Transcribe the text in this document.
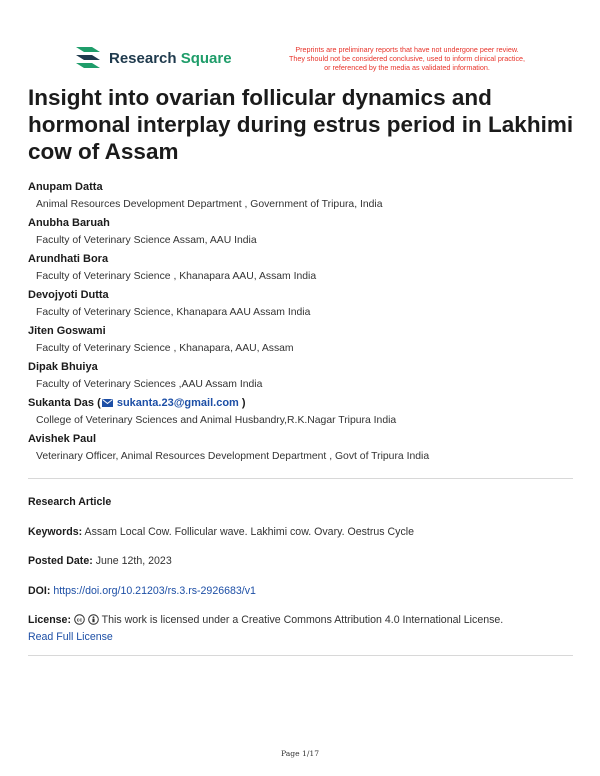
Research Square	Preprints are preliminary reports that have not undergone peer review.
They should not be considered conclusive, used to inform clinical practice,
or referenced by the media as validated information.
Insight into ovarian follicular dynamics and hormonal interplay during estrus period in Lakhimi cow of Assam
Anupam Datta
Animal Resources Development Department , Government of Tripura, India
Anubha Baruah
Faculty of Veterinary Science Assam, AAU India
Arundhati Bora
Faculty of Veterinary Science , Khanapara AAU, Assam India
Devojyoti Dutta
Faculty of Veterinary Science, Khanapara AAU Assam India
Jiten Goswami
Faculty of Veterinary Science , Khanapara, AAU, Assam
Dipak Bhuiya
Faculty of Veterinary Sciences ,AAU Assam India
Sukanta Das ( sukanta.23@gmail.com )
College of Veterinary Sciences and Animal Husbandry,R.K.Nagar Tripura India
Avishek Paul
Veterinary Officer, Animal Resources Development Department , Govt of Tripura India
Research Article
Keywords: Assam Local Cow. Follicular wave. Lakhimi cow. Ovary. Oestrus Cycle
Posted Date: June 12th, 2023
DOI: https://doi.org/10.21203/rs.3.rs-2926683/v1
License: cc This work is licensed under a Creative Commons Attribution 4.0 International License.
Read Full License
Page 1/17
